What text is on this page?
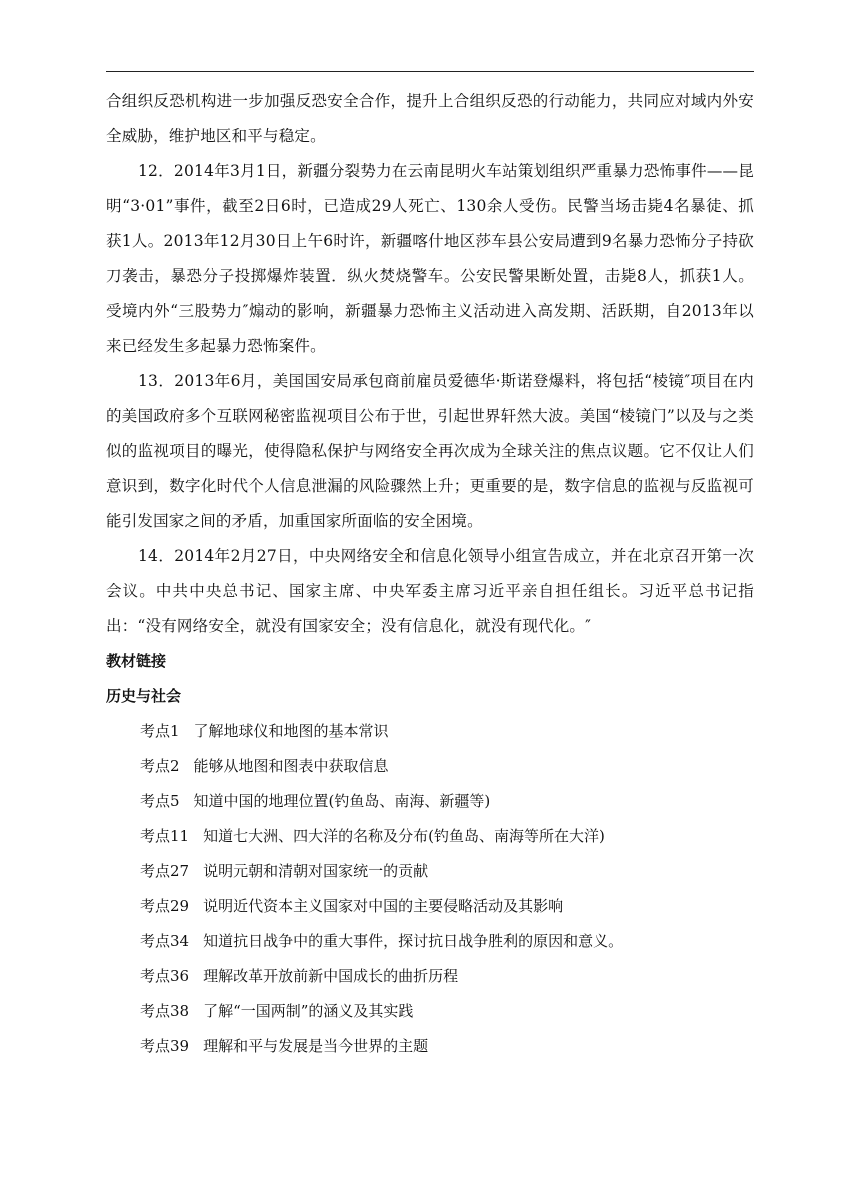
合组织反恐机构进一步加强反恐安全合作，提升上合组织反恐的行动能力，共同应对域内外安全威胁，维护地区和平与稳定。

12．2014年3月1日，新疆分裂势力在云南昆明火车站策划组织严重暴力恐怖事件——昆明“3·01”事件，截至2日6时，已造成29人死亡、130余人受伤。民警当场击毙4名暴徒、抓获1人。2013年12月30日上午6时许，新疆喀什地区莎车县公安局遭到9名暴力恐怖分子持砍刀袭击，暴恐分子投掷爆炸装置．纵火焚烧警车。公安民警果断处置，击毙8人，抓获1人。受境内外“三股势力″煽动的影响，新疆暴力恐怖主义活动进入高发期、活跃期，自2013年以来已经发生多起暴力恐怖案件。

13．2013年6月，美国国安局承包商前雇员爱德华·斯诺登爆料，将包括“棱镜″项目在内的美国政府多个互联网秘密监视项目公布于世，引起世界轩然大波。美国“棱镜门”以及与之类似的监视项目的曝光，使得隐私保护与网络安全再次成为全球关注的焦点议题。它不仅让人们意识到，数字化时代个人信息泄漏的风险骤然上升；更重要的是，数字信息的监视与反监视可能引发国家之间的矛盾，加重国家所面临的安全困境。

14．2014年2月27日，中央网络安全和信息化领导小组宣告成立，并在北京召开第一次会议。中共中央总书记、国家主席、中央军委主席习近平亲自担任组长。习近平总书记指出：“没有网络安全，就没有国家安全；没有信息化，就没有现代化。″

教材链接
历史与社会
考点1 了解地球仪和地图的基本常识
考点2 能够从地图和图表中获取信息
考点5 知道中国的地理位置(钓鱼岛、南海、新疆等)
考点11 知道七大洲、四大洋的名称及分布(钓鱼岛、南海等所在大洋)
考点27 说明元朝和清朝对国家统一的贡献
考点29 说明近代资本主义国家对中国的主要侵略活动及其影响
考点34 知道抗日战争中的重大事件，探讨抗日战争胜利的原因和意义。
考点36 理解改革开放前新中国成长的曲折历程
考点38 了解“一国两制”的涵义及其实践
考点39 理解和平与发展是当今世界的主题
